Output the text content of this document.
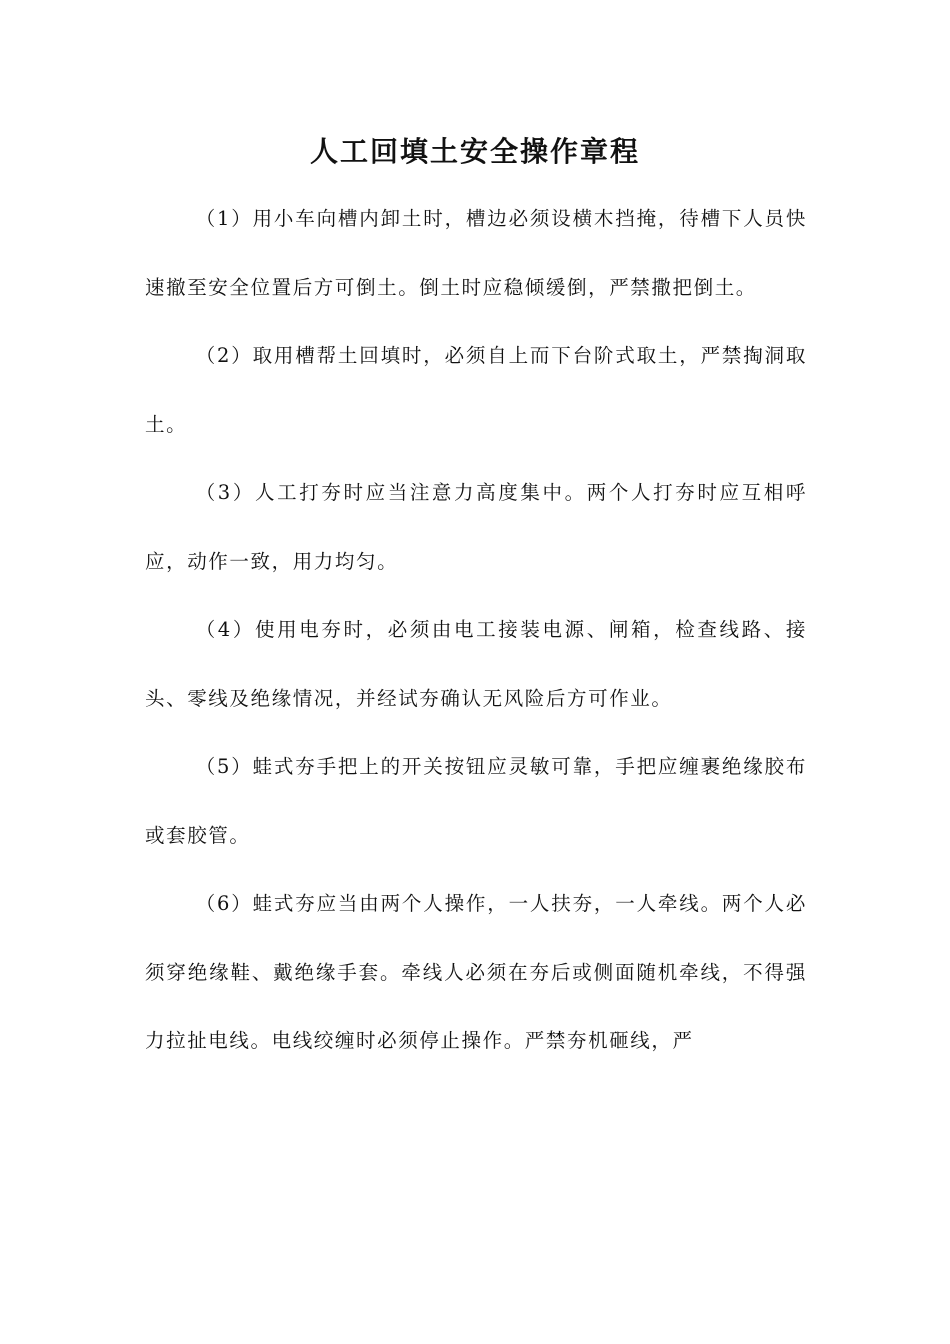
人工回填土安全操作章程

（1）用小车向槽内卸土时，槽边必须设横木挡掩，待槽下人员快速撤至安全位置后方可倒土。倒土时应稳倾缓倒，严禁撒把倒土。

（2）取用槽帮土回填时，必须自上而下台阶式取土，严禁掏洞取土。

（3）人工打夯时应当注意力高度集中。两个人打夯时应互相呼应，动作一致，用力均匀。

（4）使用电夯时，必须由电工接装电源、闸箱，检查线路、接头、零线及绝缘情况，并经试夯确认无风险后方可作业。

（5）蛙式夯手把上的开关按钮应灵敏可靠，手把应缠裹绝缘胶布或套胶管。

（6）蛙式夯应当由两个人操作，一人扶夯，一人牵线。两个人必须穿绝缘鞋、戴绝缘手套。牵线人必须在夯后或侧面随机牵线，不得强力拉扯电线。电线绞缠时必须停止操作。严禁夯机砸线，严
